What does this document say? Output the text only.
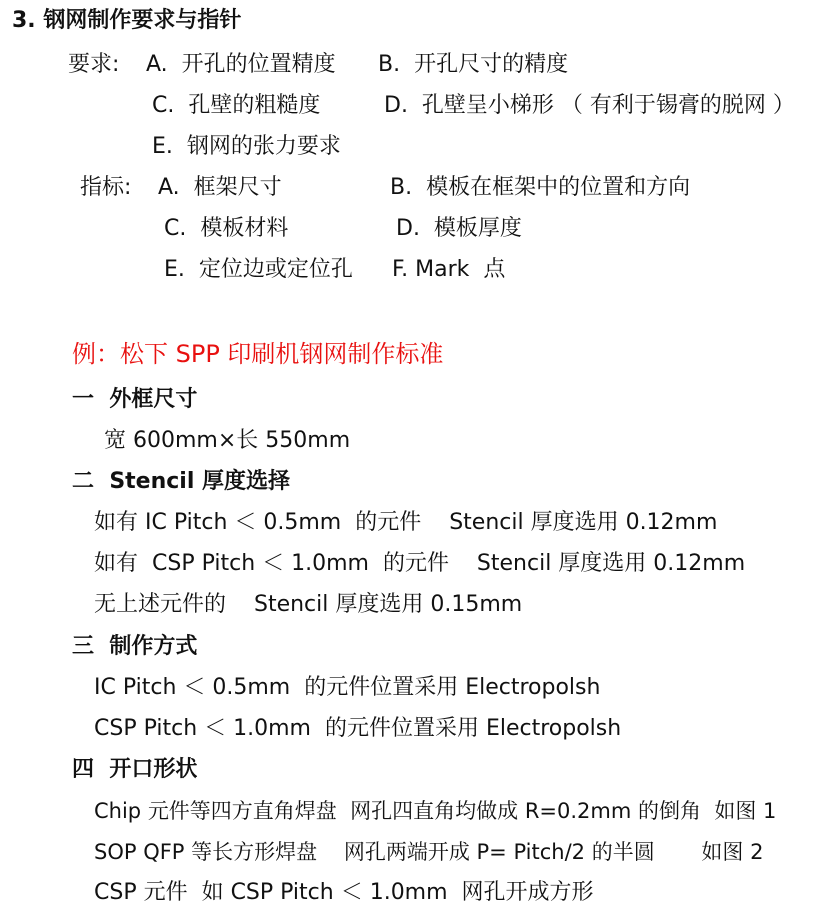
3. 钢网制作要求与指针
要求: A.  开孔的位置精度 B.  开孔尺寸的精度
C.  孔壁的粗糙度	D.  孔壁呈小梯形 （ 有利于锡膏的脱网 ）
E.  钢网的张力要求
指标: A.  框架尺寸	B.  模板在框架中的位置和方向
C.  模板材料	D.  模板厚度
E.  定位边或定位孔 F. Mark  点
例：松下 SPP 印刷机钢网制作标准
一  外框尺寸
宽 600mm×长 550mm
二  Stencil 厚度选择
如有 IC Pitch ＜ 0.5mm  的元件    Stencil 厚度选用 0.12mm
如有  CSP Pitch ＜ 1.0mm  的元件    Stencil 厚度选用 0.12mm
无上述元件的    Stencil 厚度选用 0.15mm
三  制作方式
IC Pitch ＜ 0.5mm  的元件位置采用 Electropolsh
CSP Pitch ＜ 1.0mm  的元件位置采用 Electropolsh
四  开口形状
Chip 元件等四方直角焊盘  网孔四直角均做成 R=0.2mm 的倒角  如图 1
SOP QFP 等长方形焊盘    网孔两端开成 P= Pitch/2 的半圆       如图 2
CSP 元件  如 CSP Pitch ＜ 1.0mm  网孔开成方形
